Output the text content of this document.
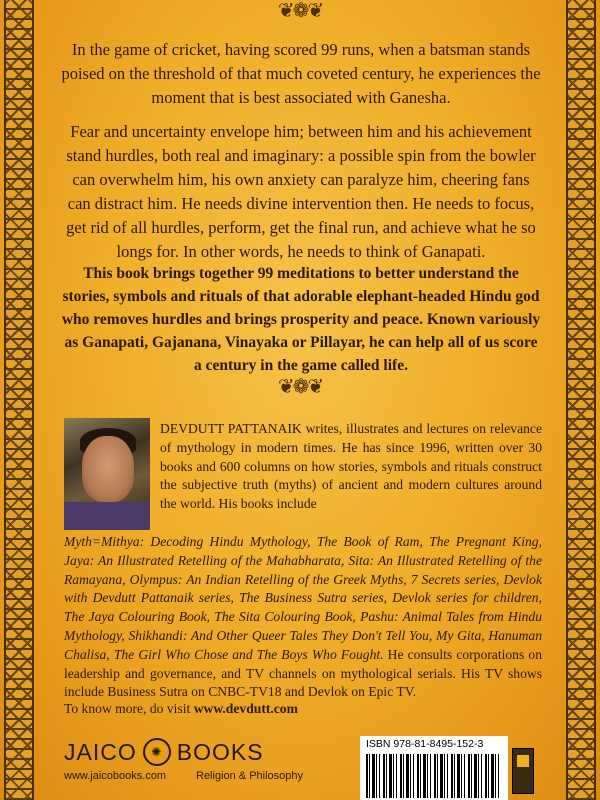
❦❁❦

In the game of cricket, having scored 99 runs, when a batsman stands poised on the threshold of that much coveted century, he experiences the moment that is best associated with Ganesha.

Fear and uncertainty envelope him; between him and his achievement stand hurdles, both real and imaginary: a possible spin from the bowler can overwhelm him, his own anxiety can paralyze him, cheering fans can distract him. He needs divine intervention then. He needs to focus, get rid of all hurdles, perform, get the final run, and achieve what he so longs for. In other words, he needs to think of Ganapati.

This book brings together 99 meditations to better understand the stories, symbols and rituals of that adorable elephant-headed Hindu god who removes hurdles and brings prosperity and peace. Known variously as Ganapati, Gajanana, Vinayaka or Pillayar, he can help all of us score a century in the game called life.

❦❁❦
DEVDUTT PATTANAIK writes, illustrates and lectures on relevance of mythology in modern times. He has since 1996, written over 30 books and 600 columns on how stories, symbols and rituals construct the subjective truth (myths) of ancient and modern cultures around the world. His books include
Myth=Mithya: Decoding Hindu Mythology, The Book of Ram, The Pregnant King, Jaya: An Illustrated Retelling of the Mahabharata, Sita: An Illustrated Retelling of the Ramayana, Olympus: An Indian Retelling of the Greek Myths, 7 Secrets series, Devlok with Devdutt Pattanaik series, The Business Sutra series, Devlok series for children, The Jaya Colouring Book, The Sita Colouring Book, Pashu: Animal Tales from Hindu Mythology, Shikhandi: And Other Queer Tales They Don't Tell You, My Gita, Hanuman Chalisa, The Girl Who Chose and The Boys Who Fought. He consults corporations on leadership and governance, and TV channels on mythological serials. His TV shows include Business Sutra on CNBC-TV18 and Devlok on Epic TV.
To know more, do visit www.devdutt.com
JAICO	✺ BOOKS
www.jaicobooks.com	Religion & Philosophy
ISBN 978-81-8495-152-3
